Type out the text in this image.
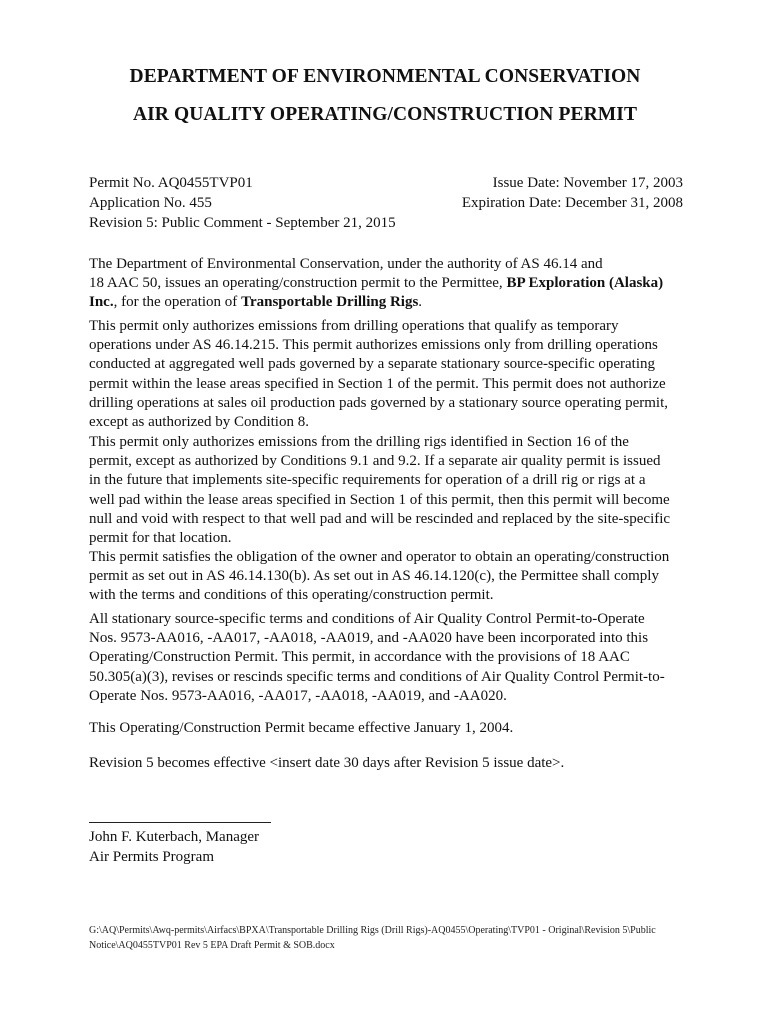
DEPARTMENT OF ENVIRONMENTAL CONSERVATION
AIR QUALITY OPERATING/CONSTRUCTION PERMIT
Permit No. AQ0455TVP01
Application No. 455
Revision 5: Public Comment - September 21, 2015
Issue Date: November 17, 2003
Expiration Date: December 31, 2008
The Department of Environmental Conservation, under the authority of AS 46.14 and
18 AAC 50, issues an operating/construction permit to the Permittee, BP Exploration (Alaska)
Inc., for the operation of Transportable Drilling Rigs.
This permit only authorizes emissions from drilling operations that qualify as temporary
operations under AS 46.14.215. This permit authorizes emissions only from drilling operations
conducted at aggregated well pads governed by a separate stationary source-specific operating
permit within the lease areas specified in Section 1 of the permit. This permit does not authorize
drilling operations at sales oil production pads governed by a stationary source operating permit,
except as authorized by Condition 8.
This permit only authorizes emissions from the drilling rigs identified in Section 16 of the
permit, except as authorized by Conditions 9.1 and 9.2. If a separate air quality permit is issued
in the future that implements site-specific requirements for operation of a drill rig or rigs at a
well pad within the lease areas specified in Section 1 of this permit, then this permit will become
null and void with respect to that well pad and will be rescinded and replaced by the site-specific
permit for that location.
This permit satisfies the obligation of the owner and operator to obtain an operating/construction
permit as set out in AS 46.14.130(b). As set out in AS 46.14.120(c), the Permittee shall comply
with the terms and conditions of this operating/construction permit.
All stationary source-specific terms and conditions of Air Quality Control Permit-to-Operate
Nos. 9573-AA016, -AA017, -AA018, -AA019, and -AA020 have been incorporated into this
Operating/Construction Permit. This permit, in accordance with the provisions of 18 AAC
50.305(a)(3), revises or rescinds specific terms and conditions of Air Quality Control Permit-to-
Operate Nos. 9573-AA016, -AA017, -AA018, -AA019, and -AA020.
This Operating/Construction Permit became effective January 1, 2004.
Revision 5 becomes effective <insert date 30 days after Revision 5 issue date>.
John F. Kuterbach, Manager
Air Permits Program
G:\AQ\Permits\Awq-permits\Airfacs\BPXA\Transportable Drilling Rigs (Drill Rigs)-AQ0455\Operating\TVP01 - Original\Revision 5\Public
Notice\AQ0455TVP01 Rev 5 EPA Draft Permit & SOB.docx
